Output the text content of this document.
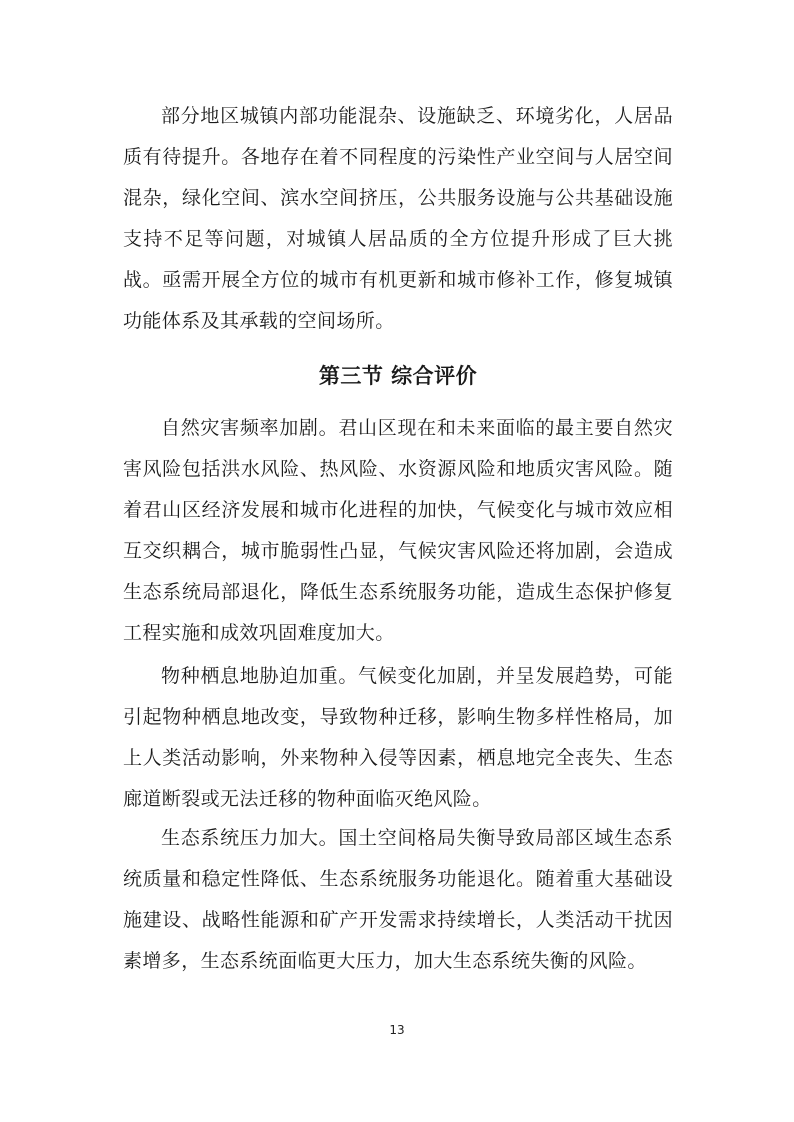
部分地区城镇内部功能混杂、设施缺乏、环境劣化，人居品质有待提升。各地存在着不同程度的污染性产业空间与人居空间混杂，绿化空间、滨水空间挤压，公共服务设施与公共基础设施支持不足等问题，对城镇人居品质的全方位提升形成了巨大挑战。亟需开展全方位的城市有机更新和城市修补工作，修复城镇功能体系及其承载的空间场所。

第三节 综合评价

自然灾害频率加剧。君山区现在和未来面临的最主要自然灾害风险包括洪水风险、热风险、水资源风险和地质灾害风险。随着君山区经济发展和城市化进程的加快，气候变化与城市效应相互交织耦合，城市脆弱性凸显，气候灾害风险还将加剧，会造成生态系统局部退化，降低生态系统服务功能，造成生态保护修复工程实施和成效巩固难度加大。

物种栖息地胁迫加重。气候变化加剧，并呈发展趋势，可能引起物种栖息地改变，导致物种迁移，影响生物多样性格局，加上人类活动影响，外来物种入侵等因素，栖息地完全丧失、生态廊道断裂或无法迁移的物种面临灭绝风险。

生态系统压力加大。国土空间格局失衡导致局部区域生态系统质量和稳定性降低、生态系统服务功能退化。随着重大基础设施建设、战略性能源和矿产开发需求持续增长，人类活动干扰因素增多，生态系统面临更大压力，加大生态系统失衡的风险。

13
